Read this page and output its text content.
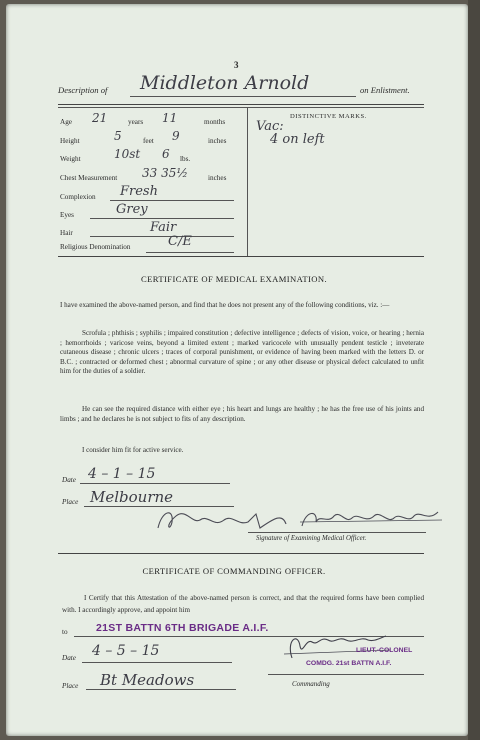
3
Description of Middleton Arnold	on Enlistment.
Age 21	years 11	months
Height	5	feet 9	inches
Weight	10st 6 lbs.
Chest Measurement 33 35½	inches
Complexion Fresh
Eyes	Grey
Hair	Fair
Religious Denomination	C/E
DISTINCTIVE MARKS.
Vac:
4 on left
CERTIFICATE OF MEDICAL EXAMINATION.
I have examined the above-named person, and find that he does not present any of the following conditions, viz. :—
Scrofula ; phthisis ; syphilis ; impaired constitution ; defective intelligence ; defects of vision, voice, or hearing ; hernia ; hemorrhoids ; varicose veins, beyond a limited extent ; marked varicocele with unusually pendent testicle ; inveterate cutaneous disease ; chronic ulcers ; traces of corporal punishment, or evidence of having been marked with the letters D. or B.C. ; contracted or deformed chest ; abnormal curvature of spine ; or any other disease or physical defect calculated to unfit him for the duties of a soldier.
He can see the required distance with either eye ; his heart and lungs are healthy ; he has the free use of his joints and limbs ; and he declares he is not subject to fits of any description.
I consider him fit for active service.
Date 4 – 1 – 15
Place Melbourne
Signature of Examining Medical Officer.
CERTIFICATE OF COMMANDING OFFICER.
I Certify that this Attestation of the above-named person is correct, and that the required forms have been complied with. I accordingly approve, and appoint him
to	21ST BATTN 6TH BRIGADE A.I.F.
Date 4 – 5 – 15
Place Bt Meadows
LIEUT.-COLONEL
COMDG. 21st BATTN A.I.F.
Commanding
